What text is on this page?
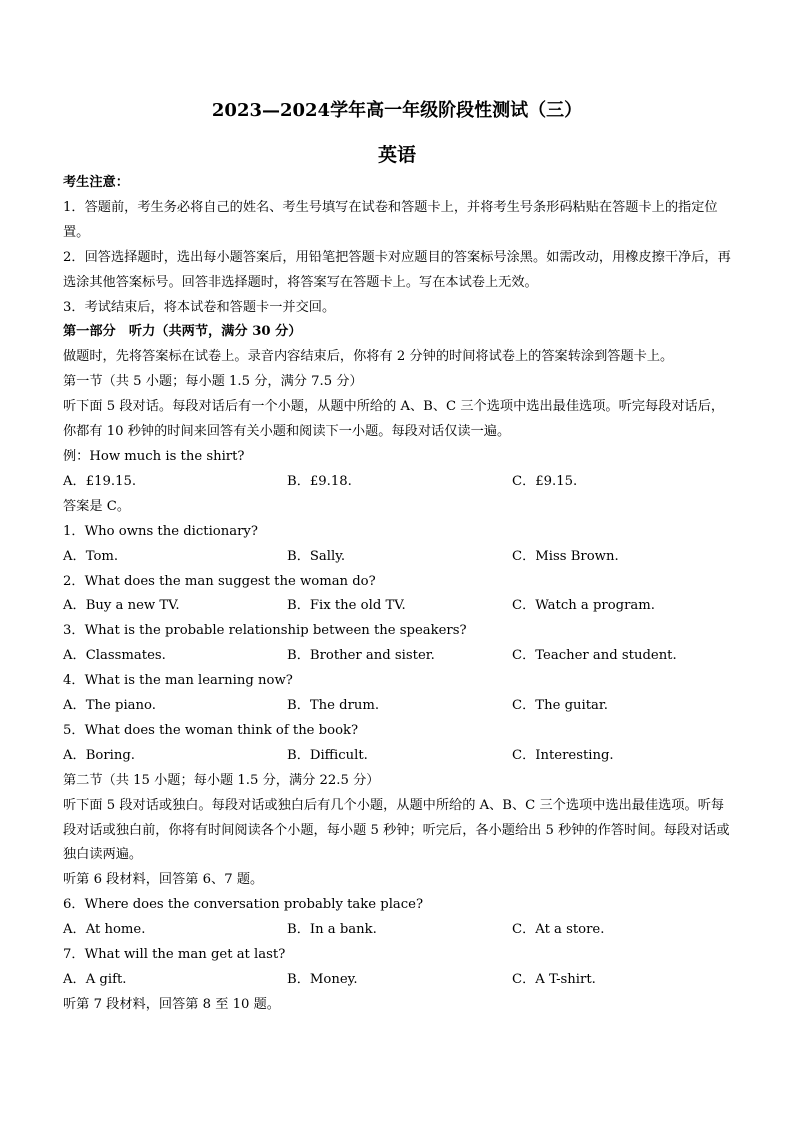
2023—2024学年高一年级阶段性测试（三）
英语
考生注意：
1．答题前，考生务必将自己的姓名、考生号填写在试卷和答题卡上，并将考生号条形码粘贴在答题卡上的指定位置。
2．回答选择题时，选出每小题答案后，用铅笔把答题卡对应题目的答案标号涂黑。如需改动，用橡皮擦干净后，再选涂其他答案标号。回答非选择题时，将答案写在答题卡上。写在本试卷上无效。
3．考试结束后，将本试卷和答题卡一并交回。
第一部分　听力（共两节，满分 30 分）
做题时，先将答案标在试卷上。录音内容结束后，你将有 2 分钟的时间将试卷上的答案转涂到答题卡上。
第一节（共 5 小题；每小题 1.5 分，满分 7.5 分）
听下面 5 段对话。每段对话后有一个小题，从题中所给的 A、B、C 三个选项中选出最佳选项。听完每段对话后，你都有 10 秒钟的时间来回答有关小题和阅读下一小题。每段对话仅读一遍。
例：How much is the shirt?
A．£19.15.	B．£9.18.	C．£9.15.
答案是 C。
1．Who owns the dictionary?
A．Tom.	B．Sally.	C．Miss Brown.
2．What does the man suggest the woman do?
A．Buy a new TV.	B．Fix the old TV.	C．Watch a program.
3．What is the probable relationship between the speakers?
A．Classmates.	B．Brother and sister.	C．Teacher and student.
4．What is the man learning now?
A．The piano.	B．The drum.	C．The guitar.
5．What does the woman think of the book?
A．Boring.	B．Difficult.	C．Interesting.
第二节（共 15 小题；每小题 1.5 分，满分 22.5 分）
听下面 5 段对话或独白。每段对话或独白后有几个小题，从题中所给的 A、B、C 三个选项中选出最佳选项。听每段对话或独白前，你将有时间阅读各个小题，每小题 5 秒钟；听完后，各小题给出 5 秒钟的作答时间。每段对话或独白读两遍。
听第 6 段材料，回答第 6、7 题。
6．Where does the conversation probably take place?
A．At home.	B．In a bank.	C．At a store.
7．What will the man get at last?
A．A gift.	B．Money.	C．A T-shirt.
听第 7 段材料，回答第 8 至 10 题。
